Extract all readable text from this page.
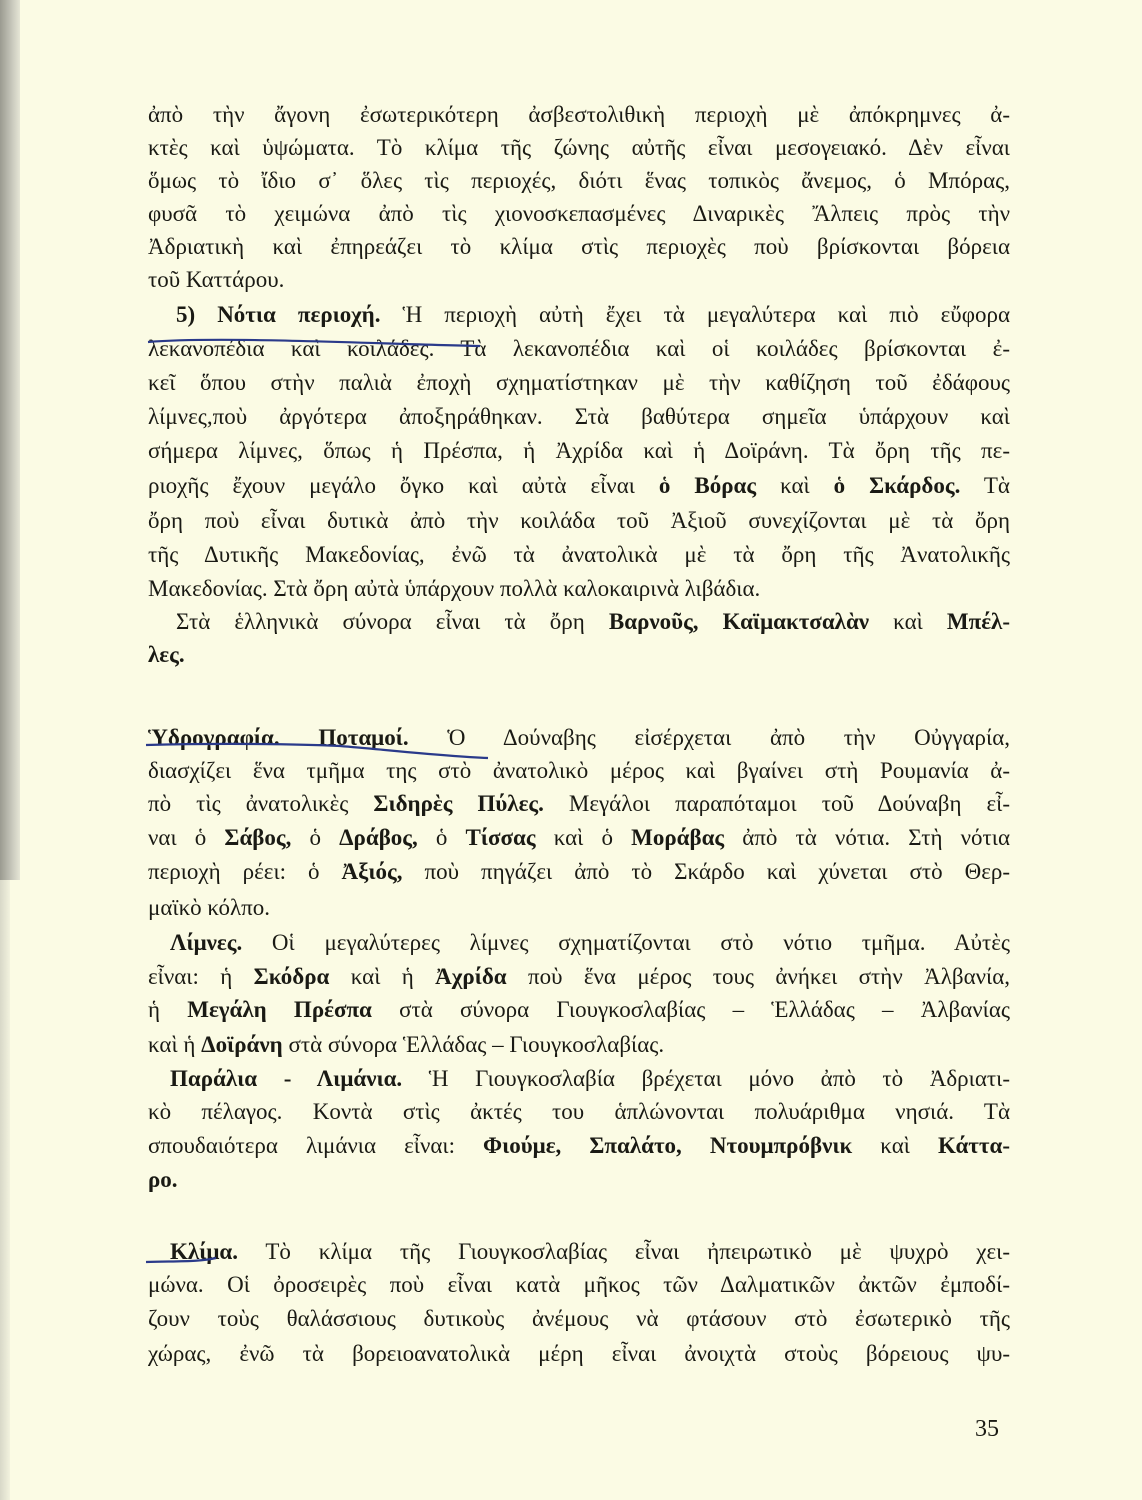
ἀπὸ τὴν ἄγονη ἐσωτερικότερη ἀσβεστολιθικὴ περιοχὴ μὲ ἀπόκρημνες ἀ-
κτὲς καὶ ὑψώματα. Τὸ κλίμα τῆς ζώνης αὐτῆς εἶναι μεσογειακό. Δὲν εἶναι
ὅμως τὸ ἴδιο σ᾿ ὅλες τὶς περιοχές, διότι ἕνας τοπικὸς ἄνεμος, ὁ Μπόρας,
φυσᾶ τὸ χειμώνα ἀπὸ τὶς χιονοσκεπασμένες Διναρικὲς Ἄλπεις πρὸς τὴν
Ἀδριατικὴ καὶ ἐπηρεάζει τὸ κλίμα στὶς περιοχὲς ποὺ βρίσκονται βόρεια
τοῦ Καττάρου.
5) Νότια περιοχή. Ἡ περιοχὴ αὐτὴ ἔχει τὰ μεγαλύτερα καὶ πιὸ εὔφορα
λεκανοπέδια καὶ κοιλάδες. Τὰ λεκανοπέδια καὶ οἱ κοιλάδες βρίσκονται ἐ-
κεῖ ὅπου στὴν παλιὰ ἐποχὴ σχηματίστηκαν μὲ τὴν καθίζηση τοῦ ἐδάφους
λίμνες,ποὺ ἀργότερα ἀποξηράθηκαν. Στὰ βαθύτερα σημεῖα ὑπάρχουν καὶ
σήμερα λίμνες, ὅπως ἡ Πρέσπα, ἡ Ἀχρίδα καὶ ἡ Δοϊράνη. Τὰ ὄρη τῆς πε-
ριοχῆς ἔχουν μεγάλο ὄγκο καὶ αὐτὰ εἶναι ὁ Βόρας καὶ ὁ Σκάρδος. Τὰ
ὄρη ποὺ εἶναι δυτικὰ ἀπὸ τὴν κοιλάδα τοῦ Ἀξιοῦ συνεχίζονται μὲ τὰ ὄρη
τῆς Δυτικῆς Μακεδονίας, ἐνῶ τὰ ἀνατολικὰ μὲ τὰ ὄρη τῆς Ἀνατολικῆς
Μακεδονίας. Στὰ ὄρη αὐτὰ ὑπάρχουν πολλὰ καλοκαιρινὰ λιβάδια.
Στὰ ἑλληνικὰ σύνορα εἶναι τὰ ὄρη Βαρνοῦς, Καϊμακτσαλὰν καὶ Μπέλ-
λες.
Ὑδρογραφία. Ποταμοί. Ὁ Δούναβης εἰσέρχεται ἀπὸ τὴν Οὐγγαρία,
διασχίζει ἕνα τμῆμα της στὸ ἀνατολικὸ μέρος καὶ βγαίνει στὴ Ρουμανία ἀ-
πὸ τὶς ἀνατολικὲς Σιδηρὲς Πύλες. Μεγάλοι παραπόταμοι τοῦ Δούναβη εἶ-
ναι ὁ Σάβος, ὁ Δράβος, ὁ Τίσσας καὶ ὁ Μοράβας ἀπὸ τὰ νότια. Στὴ νότια
περιοχὴ ρέει: ὁ Ἀξιός, ποὺ πηγάζει ἀπὸ τὸ Σκάρδο καὶ χύνεται στὸ Θερ-
μαϊκὸ κόλπο.
Λίμνες. Οἱ μεγαλύτερες λίμνες σχηματίζονται στὸ νότιο τμῆμα. Αὐτὲς
εἶναι: ἡ Σκόδρα καὶ ἡ Ἀχρίδα ποὺ ἕνα μέρος τους ἀνήκει στὴν Ἀλβανία,
ἡ Μεγάλη Πρέσπα στὰ σύνορα Γιουγκοσλαβίας – Ἑλλάδας – Ἀλβανίας
καὶ ἡ Δοϊράνη στὰ σύνορα Ἑλλάδας – Γιουγκοσλαβίας.
Παράλια - Λιμάνια. Ἡ Γιουγκοσλαβία βρέχεται μόνο ἀπὸ τὸ Ἀδριατι-
κὸ πέλαγος. Κοντὰ στὶς ἀκτές του ἁπλώνονται πολυάριθμα νησιά. Τὰ
σπουδαιότερα λιμάνια εἶναι: Φιούμε, Σπαλάτο, Ντουμπρόβνικ καὶ Κάττα-
ρο.
Κλίμα. Τὸ κλίμα τῆς Γιουγκοσλαβίας εἶναι ἠπειρωτικὸ μὲ ψυχρὸ χει-
μώνα. Οἱ ὀροσειρὲς ποὺ εἶναι κατὰ μῆκος τῶν Δαλματικῶν ἀκτῶν ἐμποδί-
ζουν τοὺς θαλάσσιους δυτικοὺς ἀνέμους νὰ φτάσουν στὸ ἐσωτερικὸ τῆς
χώρας, ἐνῶ τὰ βορειοανατολικὰ μέρη εἶναι ἀνοιχτὰ στοὺς βόρειους ψυ-
35
